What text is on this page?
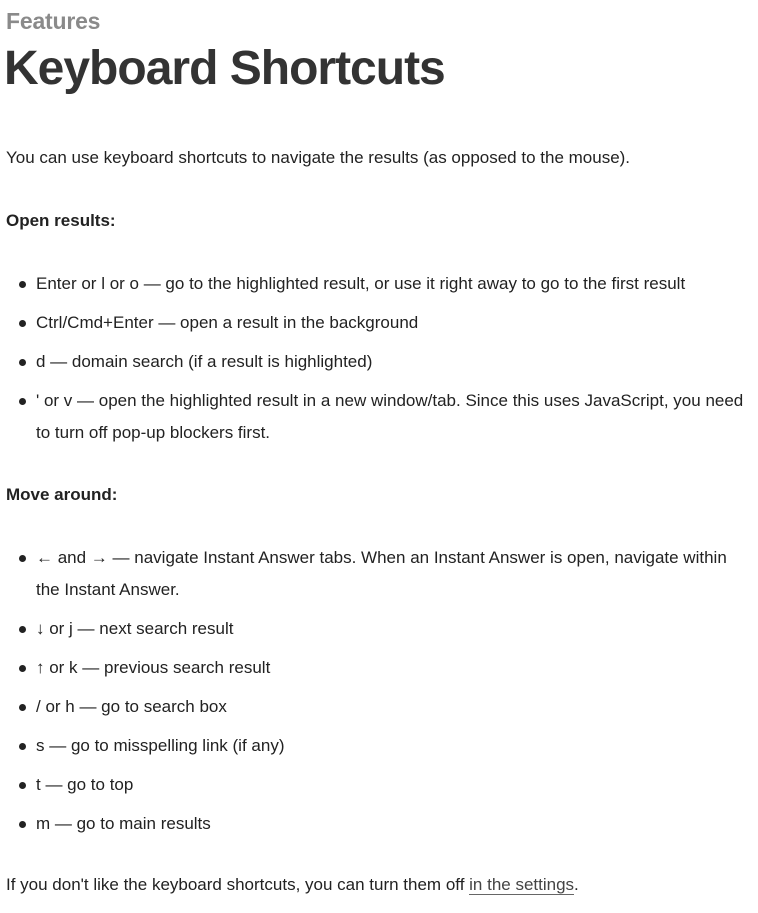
Features

Keyboard Shortcuts

You can use keyboard shortcuts to navigate the results (as opposed to the mouse).

Open results:

Enter or l or o — go to the highlighted result, or use it right away to go to the first result
Ctrl/Cmd+Enter — open a result in the background
d — domain search (if a result is highlighted)
' or v — open the highlighted result in a new window/tab. Since this uses JavaScript, you need to turn off pop-up blockers first.

Move around:

← and → — navigate Instant Answer tabs. When an Instant Answer is open, navigate within the Instant Answer.
↓ or j — next search result
↑ or k — previous search result
/ or h — go to search box
s — go to misspelling link (if any)
t — go to top
m — go to main results

If you don't like the keyboard shortcuts, you can turn them off in the settings.
